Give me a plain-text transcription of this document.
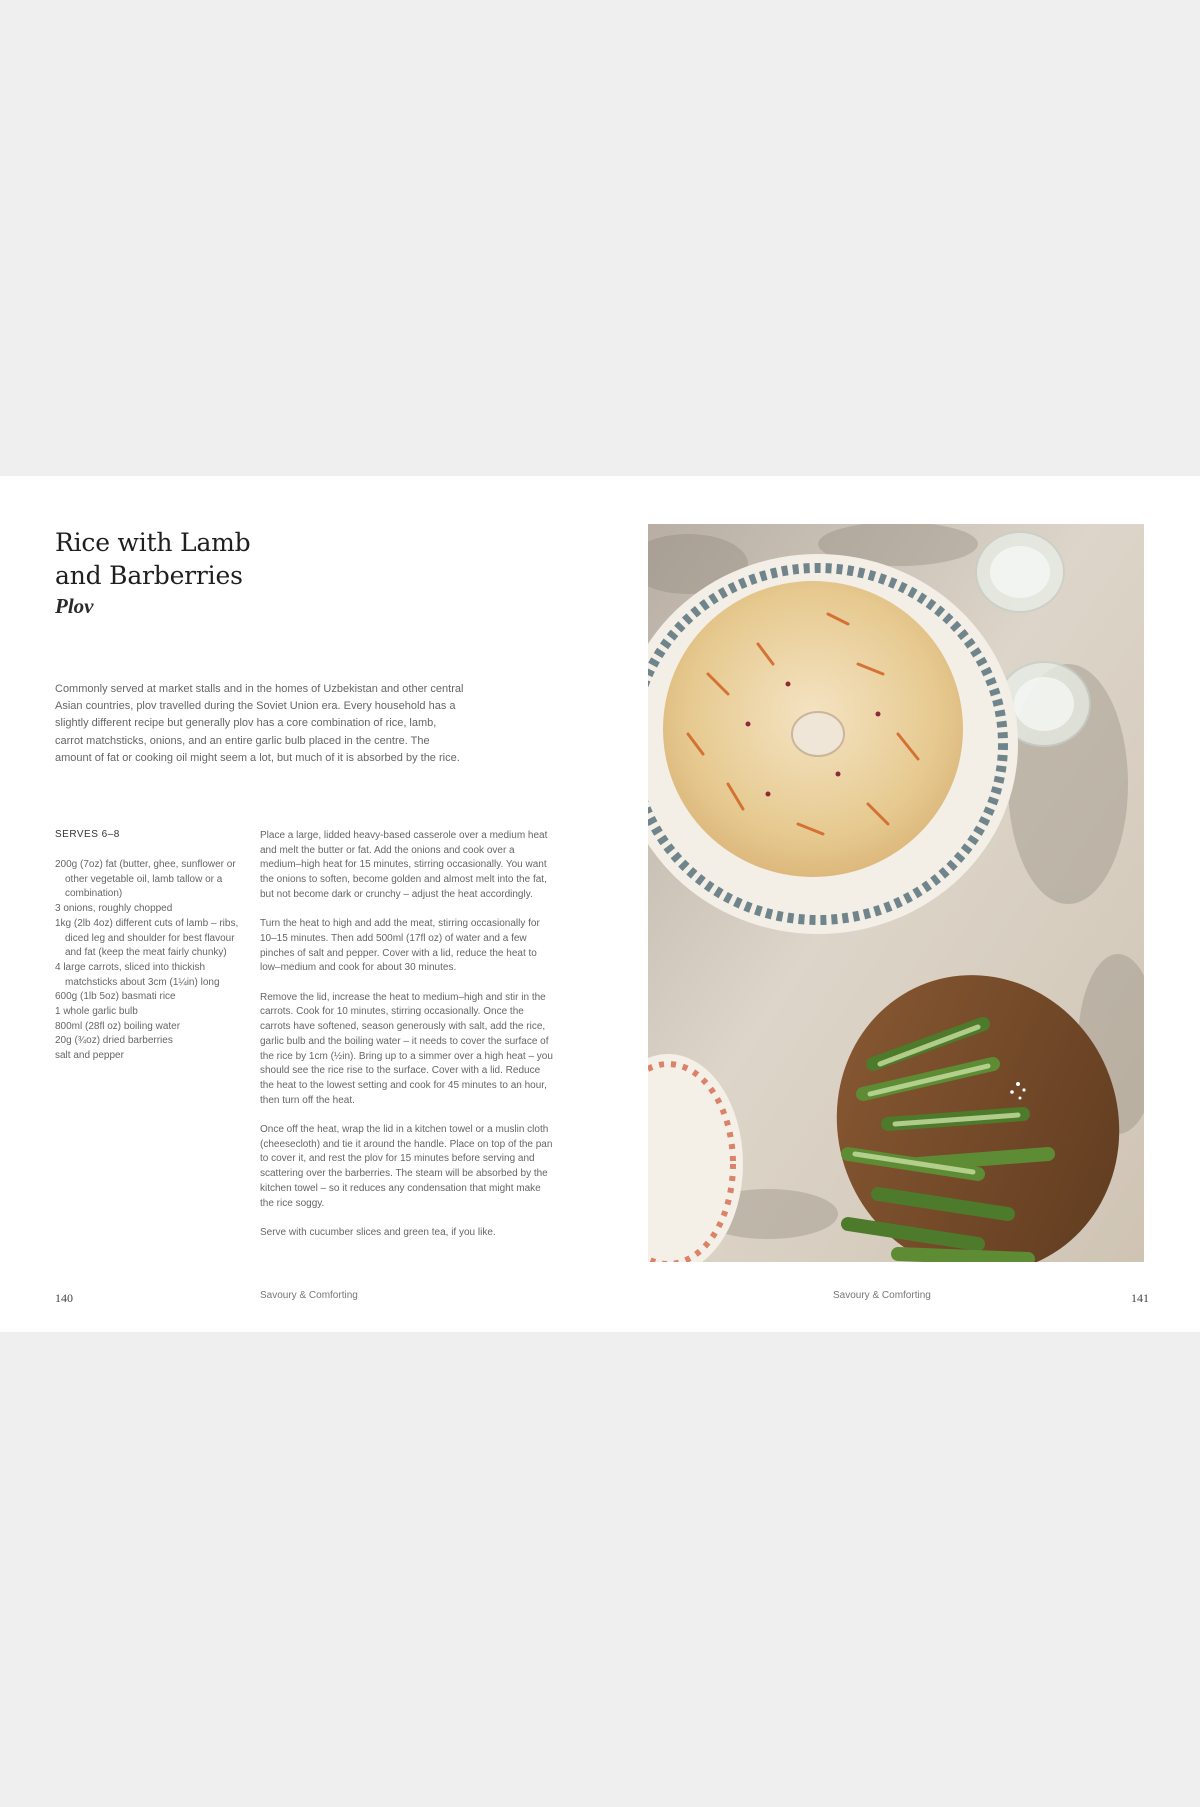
Rice with Lamb
and Barberries
Plov

Commonly served at market stalls and in the homes of Uzbekistan and other central Asian countries, plov travelled during the Soviet Union era. Every household has a slightly different recipe but generally plov has a core combination of rice, lamb, carrot matchsticks, onions, and an entire garlic bulb placed in the centre. The amount of fat or cooking oil might seem a lot, but much of it is absorbed by the rice.

SERVES 6–8

200g (7oz) fat (butter, ghee, sunflower or other vegetable oil, lamb tallow or a combination)
3 onions, roughly chopped
1kg (2lb 4oz) different cuts of lamb – ribs, diced leg and shoulder for best flavour and fat (keep the meat fairly chunky)
4 large carrots, sliced into thickish matchsticks about 3cm (1¼in) long
600g (1lb 5oz) basmati rice
1 whole garlic bulb
800ml (28fl oz) boiling water
20g (¾oz) dried barberries
salt and pepper

Place a large, lidded heavy-based casserole over a medium heat and melt the butter or fat. Add the onions and cook over a medium–high heat for 15 minutes, stirring occasionally. You want the onions to soften, become golden and almost melt into the fat, but not become dark or crunchy – adjust the heat accordingly.

Turn the heat to high and add the meat, stirring occasionally for 10–15 minutes. Then add 500ml (17fl oz) of water and a few pinches of salt and pepper. Cover with a lid, reduce the heat to low–medium and cook for about 30 minutes.

Remove the lid, increase the heat to medium–high and stir in the carrots. Cook for 10 minutes, stirring occasionally. Once the carrots have softened, season generously with salt, add the rice, garlic bulb and the boiling water – it needs to cover the surface of the rice by 1cm (½in). Bring up to a simmer over a high heat – you should see the rice rise to the surface. Cover with a lid. Reduce the heat to the lowest setting and cook for 45 minutes to an hour, then turn off the heat.

Once off the heat, wrap the lid in a kitchen towel or a muslin cloth (cheesecloth) and tie it around the handle. Place on top of the pan to cover it, and rest the plov for 15 minutes before serving and scattering over the barberries. The steam will be absorbed by the kitchen towel – so it reduces any condensation that might make the rice soggy.

Serve with cucumber slices and green tea, if you like.

140	Savoury & Comforting	Savoury & Comforting	141
